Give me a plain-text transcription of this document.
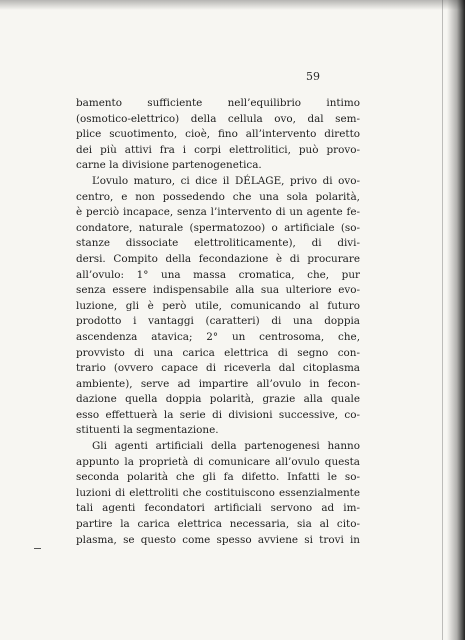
59
bamento sufficiente nell’equilibrio intimo
(osmotico-elettrico) della cellula ovo, dal sem-
plice scuotimento, cioè, fino all’intervento diretto
dei più attivi fra i corpi elettrolitici, può provo-
carne la divisione partenogenetica.
L’ovulo maturo, ci dice il DÉLAGE, privo di ovo-
centro, e non possedendo che una sola polarità,
è perciò incapace, senza l’intervento di un agente fe-
condatore, naturale (spermatozoo) o artificiale (so-
stanze dissociate elettroliticamente), di divi-
dersi. Compito della fecondazione è di procurare
all’ovulo: 1° una massa cromatica, che, pur
senza essere indispensabile alla sua ulteriore evo-
luzione, gli è però utile, comunicando al futuro
prodotto i vantaggi (caratteri) di una doppia
ascendenza atavica; 2° un centrosoma, che,
provvisto di una carica elettrica di segno con-
trario (ovvero capace di riceverla dal citoplasma
ambiente), serve ad impartire all’ovulo in fecon-
dazione quella doppia polarità, grazie alla quale
esso effettuerà la serie di divisioni successive, co-
stituenti la segmentazione.
Gli agenti artificiali della partenogenesi hanno
appunto la proprietà di comunicare all’ovulo questa
seconda polarità che gli fa difetto. Infatti le so-
luzioni di elettroliti che costituiscono essenzialmente
tali agenti fecondatori artificiali servono ad im-
partire la carica elettrica necessaria, sia al cito-
plasma, se questo come spesso avviene si trovi in
